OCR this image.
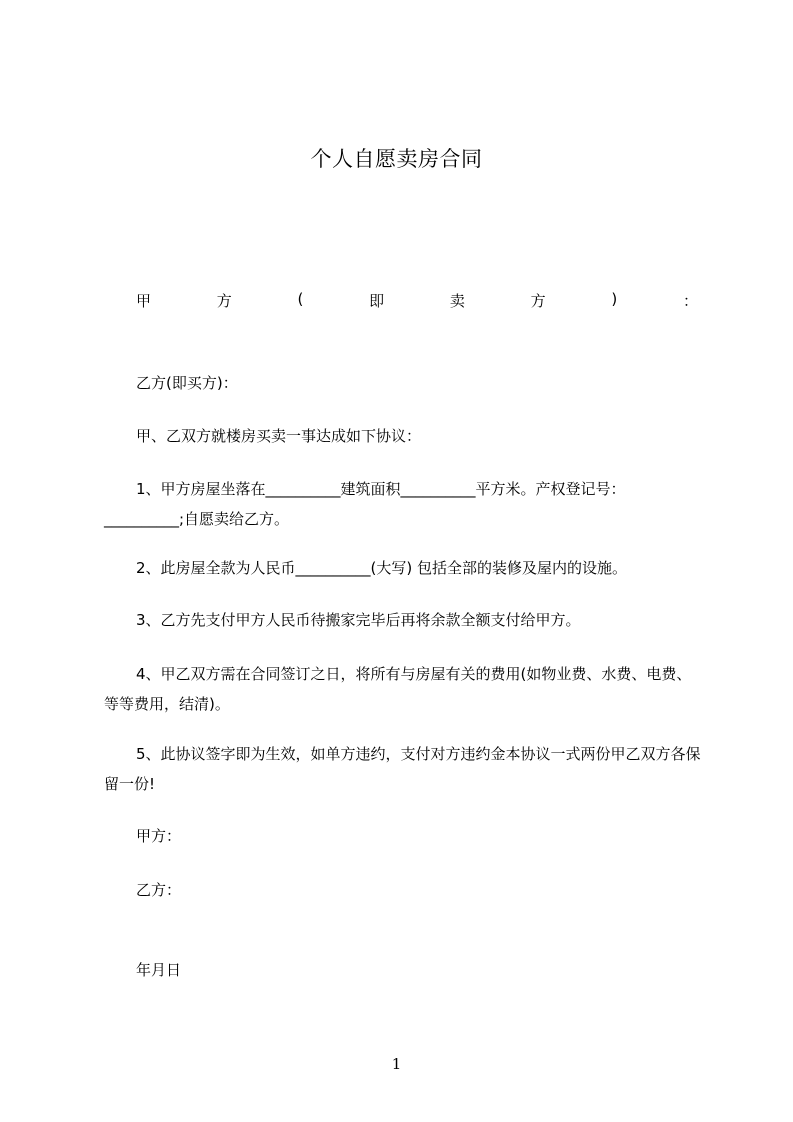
个人自愿卖房合同
甲	方	(	即	卖	方	)	：
乙方(即买方)：
甲、乙双方就楼房买卖一事达成如下协议：
1、甲方房屋坐落在__________建筑面积__________平方米。产权登记号：__________;自愿卖给乙方。
2、此房屋全款为人民币__________(大写) 包括全部的装修及屋内的设施。
3、乙方先支付甲方人民币待搬家完毕后再将余款全额支付给甲方。
4、甲乙双方需在合同签订之日，将所有与房屋有关的费用(如物业费、水费、电费、等等费用，结清)。
5、此协议签字即为生效，如单方违约，支付对方违约金本协议一式两份甲乙双方各保留一份!
甲方：
乙方：
年月日
1
